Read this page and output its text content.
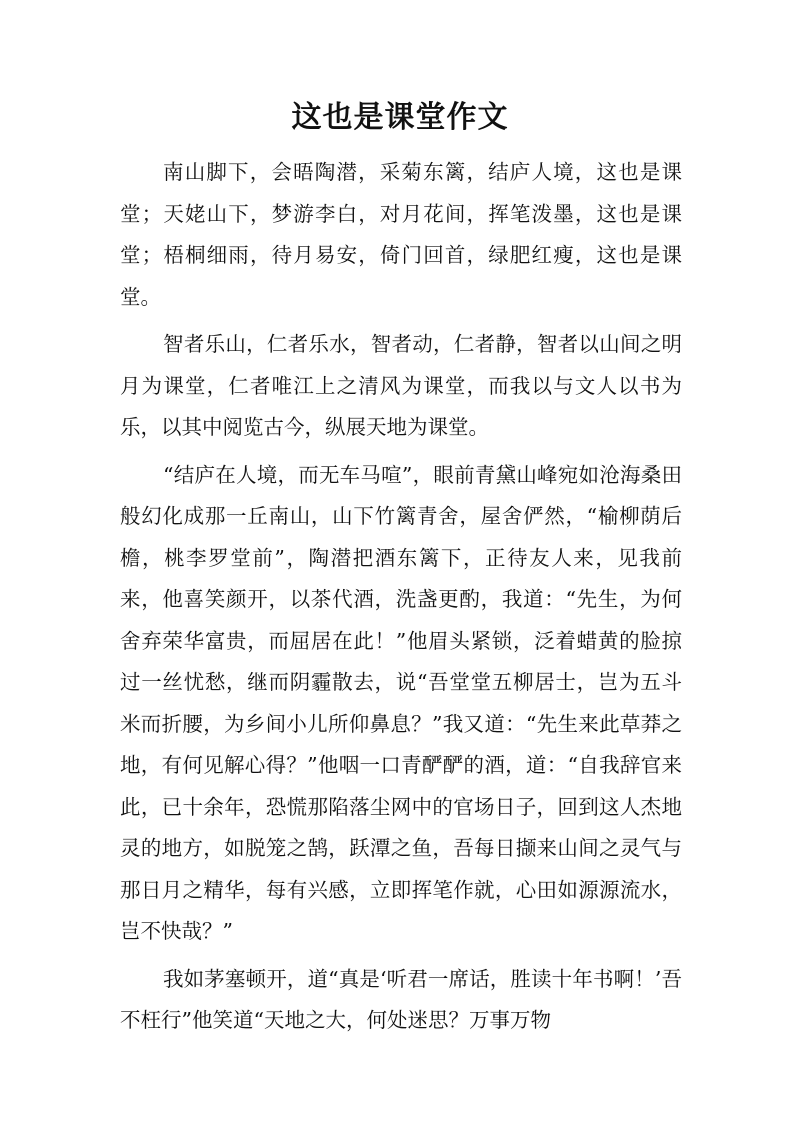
这也是课堂作文

南山脚下，会晤陶潜，采菊东篱，结庐人境，这也是课堂；天姥山下，梦游李白，对月花间，挥笔泼墨，这也是课堂；梧桐细雨，待月易安，倚门回首，绿肥红瘦，这也是课堂。

智者乐山，仁者乐水，智者动，仁者静，智者以山间之明月为课堂，仁者唯江上之清风为课堂，而我以与文人以书为乐，以其中阅览古今，纵展天地为课堂。

“结庐在人境，而无车马喧”，眼前青黛山峰宛如沧海桑田般幻化成那一丘南山，山下竹篱青舍，屋舍俨然，“榆柳荫后檐，桃李罗堂前”，陶潜把酒东篱下，正待友人来，见我前来，他喜笑颜开，以茶代酒，洗盏更酌，我道：“先生，为何舍弃荣华富贵，而屈居在此！”他眉头紧锁，泛着蜡黄的脸掠过一丝忧愁，继而阴霾散去，说“吾堂堂五柳居士，岂为五斗米而折腰，为乡间小儿所仰鼻息？”我又道：“先生来此草莽之地，有何见解心得？”他咽一口青酽酽的酒，道：“自我辞官来此，已十余年，恐慌那陷落尘网中的官场日子，回到这人杰地灵的地方，如脱笼之鹄，跃潭之鱼，吾每日撷来山间之灵气与那日月之精华，每有兴感，立即挥笔作就，心田如源源流水，岂不快哉？”

我如茅塞顿开，道“真是‘听君一席话，胜读十年书啊！’吾不枉行”他笑道“天地之大，何处迷思？万事万物
